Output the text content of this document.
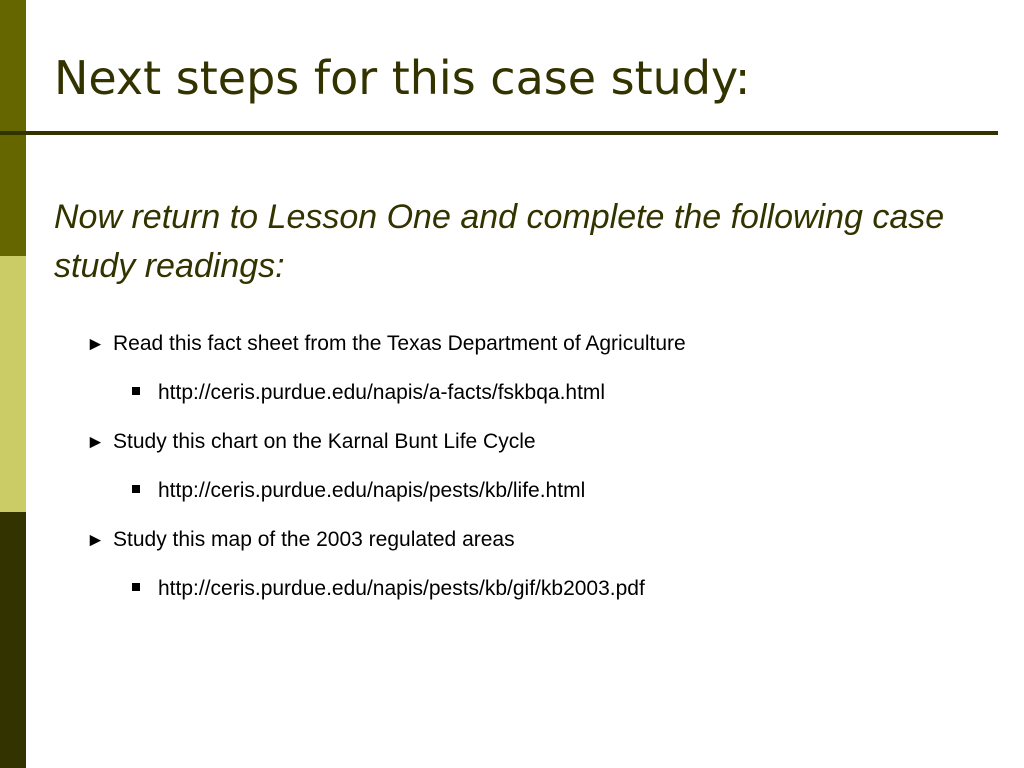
Next steps for this case study:

Now return to Lesson One and complete the following case study readings:

► Read this fact sheet from the Texas Department of Agriculture
http://ceris.purdue.edu/napis/a-facts/fskbqa.html
► Study this chart on the Karnal Bunt Life Cycle
http://ceris.purdue.edu/napis/pests/kb/life.html
► Study this map of the 2003 regulated areas
http://ceris.purdue.edu/napis/pests/kb/gif/kb2003.pdf
